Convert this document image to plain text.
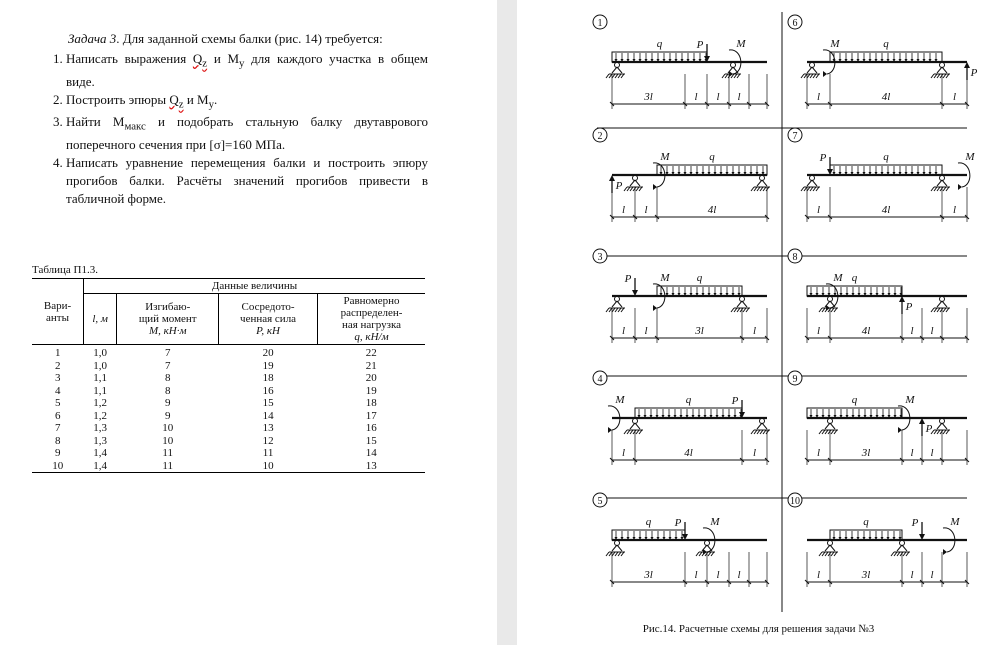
Задача 3. Для заданной схемы балки (рис. 14) требуется:

1. Написать выражения $Q_z$ и $M_y$ для каждого участка в общем виде.
2. Построить эпюры $Q_z$ и $M_y$.
3. Найти $M_{макс}$ и подобрать стальную балку двутаврового поперечного сечения при [σ]=160 МПа.
4. Написать уравнение перемещения балки и построить эпюру прогибов балки. Расчёты значений прогибов привести в табличной форме.
Таблица П1.3.
Вари-
анты	Данные величины			
	l, м	Изгибаю-
щий момент
M, кН·м	Сосредото-
ченная сила
P, кН	Равномерно
распределен-
ная нагрузка
q, кН/м
1	1,0	7	20	22
2	1,0	7	19	21
3	1,1	8	18	20
4	1,1	8	16	19
5	1,2	9	15	18
6	1,2	9	14	17
7	1,3	10	13	16
8	1,3	10	12	15
9	1,4	11	11	14
10	1,4	11	10	13
1
q	P	M
3l	l l l
2
q
P
M
l l	4l
3
q
P	M
l l	3l	l
4
q	P
M
l	4l	l
5
q P	M
3l	l l l
6
q
P
M
l	4l	l
7
q
P	M
l	4l	l
8
q
P
M
l	4l	l l
9
q
P
M
l	3l	l l
10
q	P	M
l	3l	l l
Рис.14. Расчетные схемы для решения задачи №3
